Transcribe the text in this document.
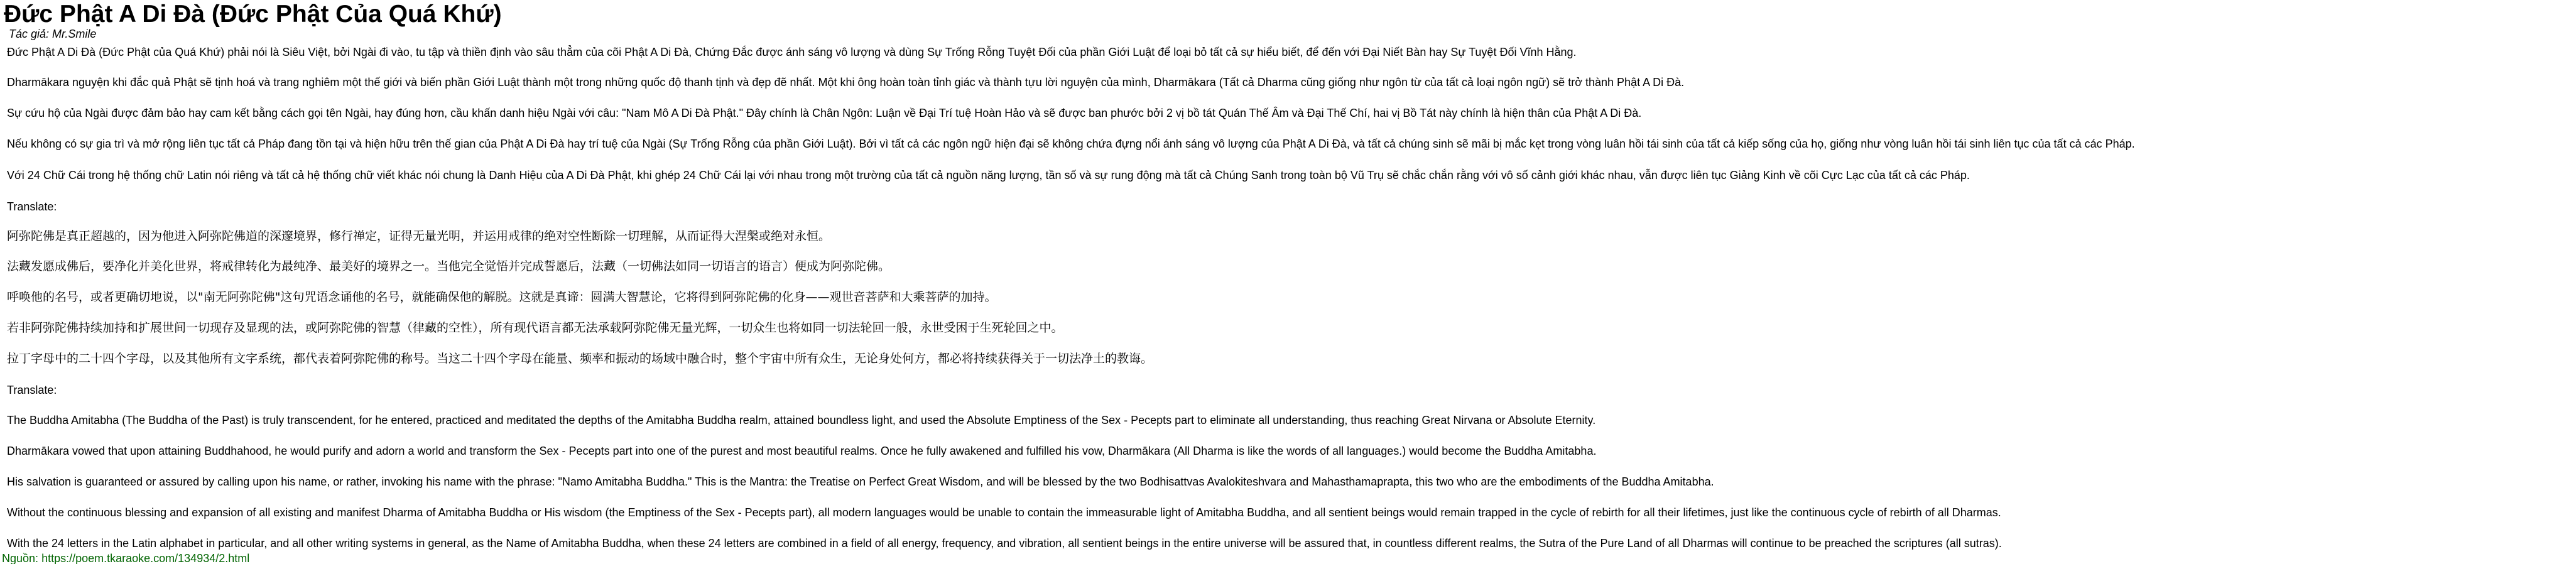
Đức Phật A Di Đà (Đức Phật Của Quá Khứ)
Tác giả: Mr.Smile

Đức Phật A Di Đà (Đức Phật của Quá Khứ) phải nói là Siêu Việt, bởi Ngài đi vào, tu tập và thiền định vào sâu thẳm của cõi Phật A Di Đà, Chứng Đắc được ánh sáng vô lượng và dùng Sự Trống Rỗng Tuyệt Đối của phần Giới Luật để loại bỏ tất cả sự hiểu biết, để đến với Đại Niết Bàn hay Sự Tuyệt Đối Vĩnh Hằng.

Dharmākara nguyện khi đắc quả Phật sẽ tịnh hoá và trang nghiêm một thế giới và biến phần Giới Luật thành một trong những quốc độ thanh tịnh và đẹp đẽ nhất. Một khi ông hoàn toàn tỉnh giác và thành tựu lời nguyện của mình, Dharmākara (Tất cả Dharma cũng giống như ngôn từ của tất cả loại ngôn ngữ) sẽ trở thành Phật A Di Đà.

Sự cứu hộ của Ngài được đảm bảo hay cam kết bằng cách gọi tên Ngài, hay đúng hơn, cầu khấn danh hiệu Ngài với câu: "Nam Mô A Di Đà Phật." Đây chính là Chân Ngôn: Luận về Đại Trí tuệ Hoàn Hảo và sẽ được ban phước bởi 2 vị bồ tát Quán Thế Âm và Đại Thế Chí, hai vị Bồ Tát này chính là hiện thân của Phật A Di Đà.

Nếu không có sự gia trì và mở rộng liên tục tất cả Pháp đang tồn tại và hiện hữu trên thế gian của Phật A Di Đà hay trí tuệ của Ngài (Sự Trống Rỗng của phần Giới Luật). Bởi vì tất cả các ngôn ngữ hiện đại sẽ không chứa đựng nổi ánh sáng vô lượng của Phật A Di Đà, và tất cả chúng sinh sẽ mãi bị mắc kẹt trong vòng luân hồi tái sinh của tất cả kiếp sống của họ, giống như vòng luân hồi tái sinh liên tục của tất cả các Pháp.

Với 24 Chữ Cái trong hệ thống chữ Latin nói riêng và tất cả hệ thống chữ viết khác nói chung là Danh Hiệu của A Di Đà Phật, khi ghép 24 Chữ Cái lại với nhau trong một trường của tất cả nguồn năng lượng, tần số và sự rung động mà tất cả Chúng Sanh trong toàn bộ Vũ Trụ sẽ chắc chắn rằng với vô số cảnh giới khác nhau, vẫn được liên tục Giảng Kinh về cõi Cực Lạc của tất cả các Pháp.

Translate:

阿弥陀佛是真正超越的，因为他进入阿弥陀佛道的深邃境界，修行禅定，证得无量光明，并运用戒律的绝对空性断除一切理解，从而证得大涅槃或绝对永恒。

法藏发愿成佛后，要净化并美化世界，将戒律转化为最纯净、最美好的境界之一。当他完全觉悟并完成誓愿后，法藏（一切佛法如同一切语言的语言）便成为阿弥陀佛。

呼唤他的名号，或者更确切地说，以"南无阿弥陀佛"这句咒语念诵他的名号，就能确保他的解脱。这就是真谛：圆满大智慧论，它将得到阿弥陀佛的化身——观世音菩萨和大乘菩萨的加持。

若非阿弥陀佛持续加持和扩展世间一切现存及显现的法，或阿弥陀佛的智慧（律藏的空性），所有现代语言都无法承载阿弥陀佛无量光辉，一切众生也将如同一切法轮回一般，永世受困于生死轮回之中。

拉丁字母中的二十四个字母，以及其他所有文字系统，都代表着阿弥陀佛的称号。当这二十四个字母在能量、频率和振动的场域中融合时，整个宇宙中所有众生，无论身处何方，都必将持续获得关于一切法净土的教诲。

Translate:

The Buddha Amitabha (The Buddha of the Past) is truly transcendent, for he entered, practiced and meditated the depths of the Amitabha Buddha realm, attained boundless light, and used the Absolute Emptiness of the Sex - Pecepts part to eliminate all understanding, thus reaching Great Nirvana or Absolute Eternity.

Dharmākara vowed that upon attaining Buddhahood, he would purify and adorn a world and transform the Sex - Pecepts part into one of the purest and most beautiful realms. Once he fully awakened and fulfilled his vow, Dharmākara (All Dharma is like the words of all languages.) would become the Buddha Amitabha.

His salvation is guaranteed or assured by calling upon his name, or rather, invoking his name with the phrase: "Namo Amitabha Buddha." This is the Mantra: the Treatise on Perfect Great Wisdom, and will be blessed by the two Bodhisattvas Avalokiteshvara and Mahasthamaprapta, this two who are the embodiments of the Buddha Amitabha.

Without the continuous blessing and expansion of all existing and manifest Dharma of Amitabha Buddha or His wisdom (the Emptiness of the Sex - Pecepts part), all modern languages would be unable to contain the immeasurable light of Amitabha Buddha, and all sentient beings would remain trapped in the cycle of rebirth for all their lifetimes, just like the continuous cycle of rebirth of all Dharmas.

With the 24 letters in the Latin alphabet in particular, and all other writing systems in general, as the Name of Amitabha Buddha, when these 24 letters are combined in a field of all energy, frequency, and vibration, all sentient beings in the entire universe will be assured that, in countless different realms, the Sutra of the Pure Land of all Dharmas will continue to be preached the scriptures (all sutras).

Nguồn: https://poem.tkaraoke.com/134934/2.html
